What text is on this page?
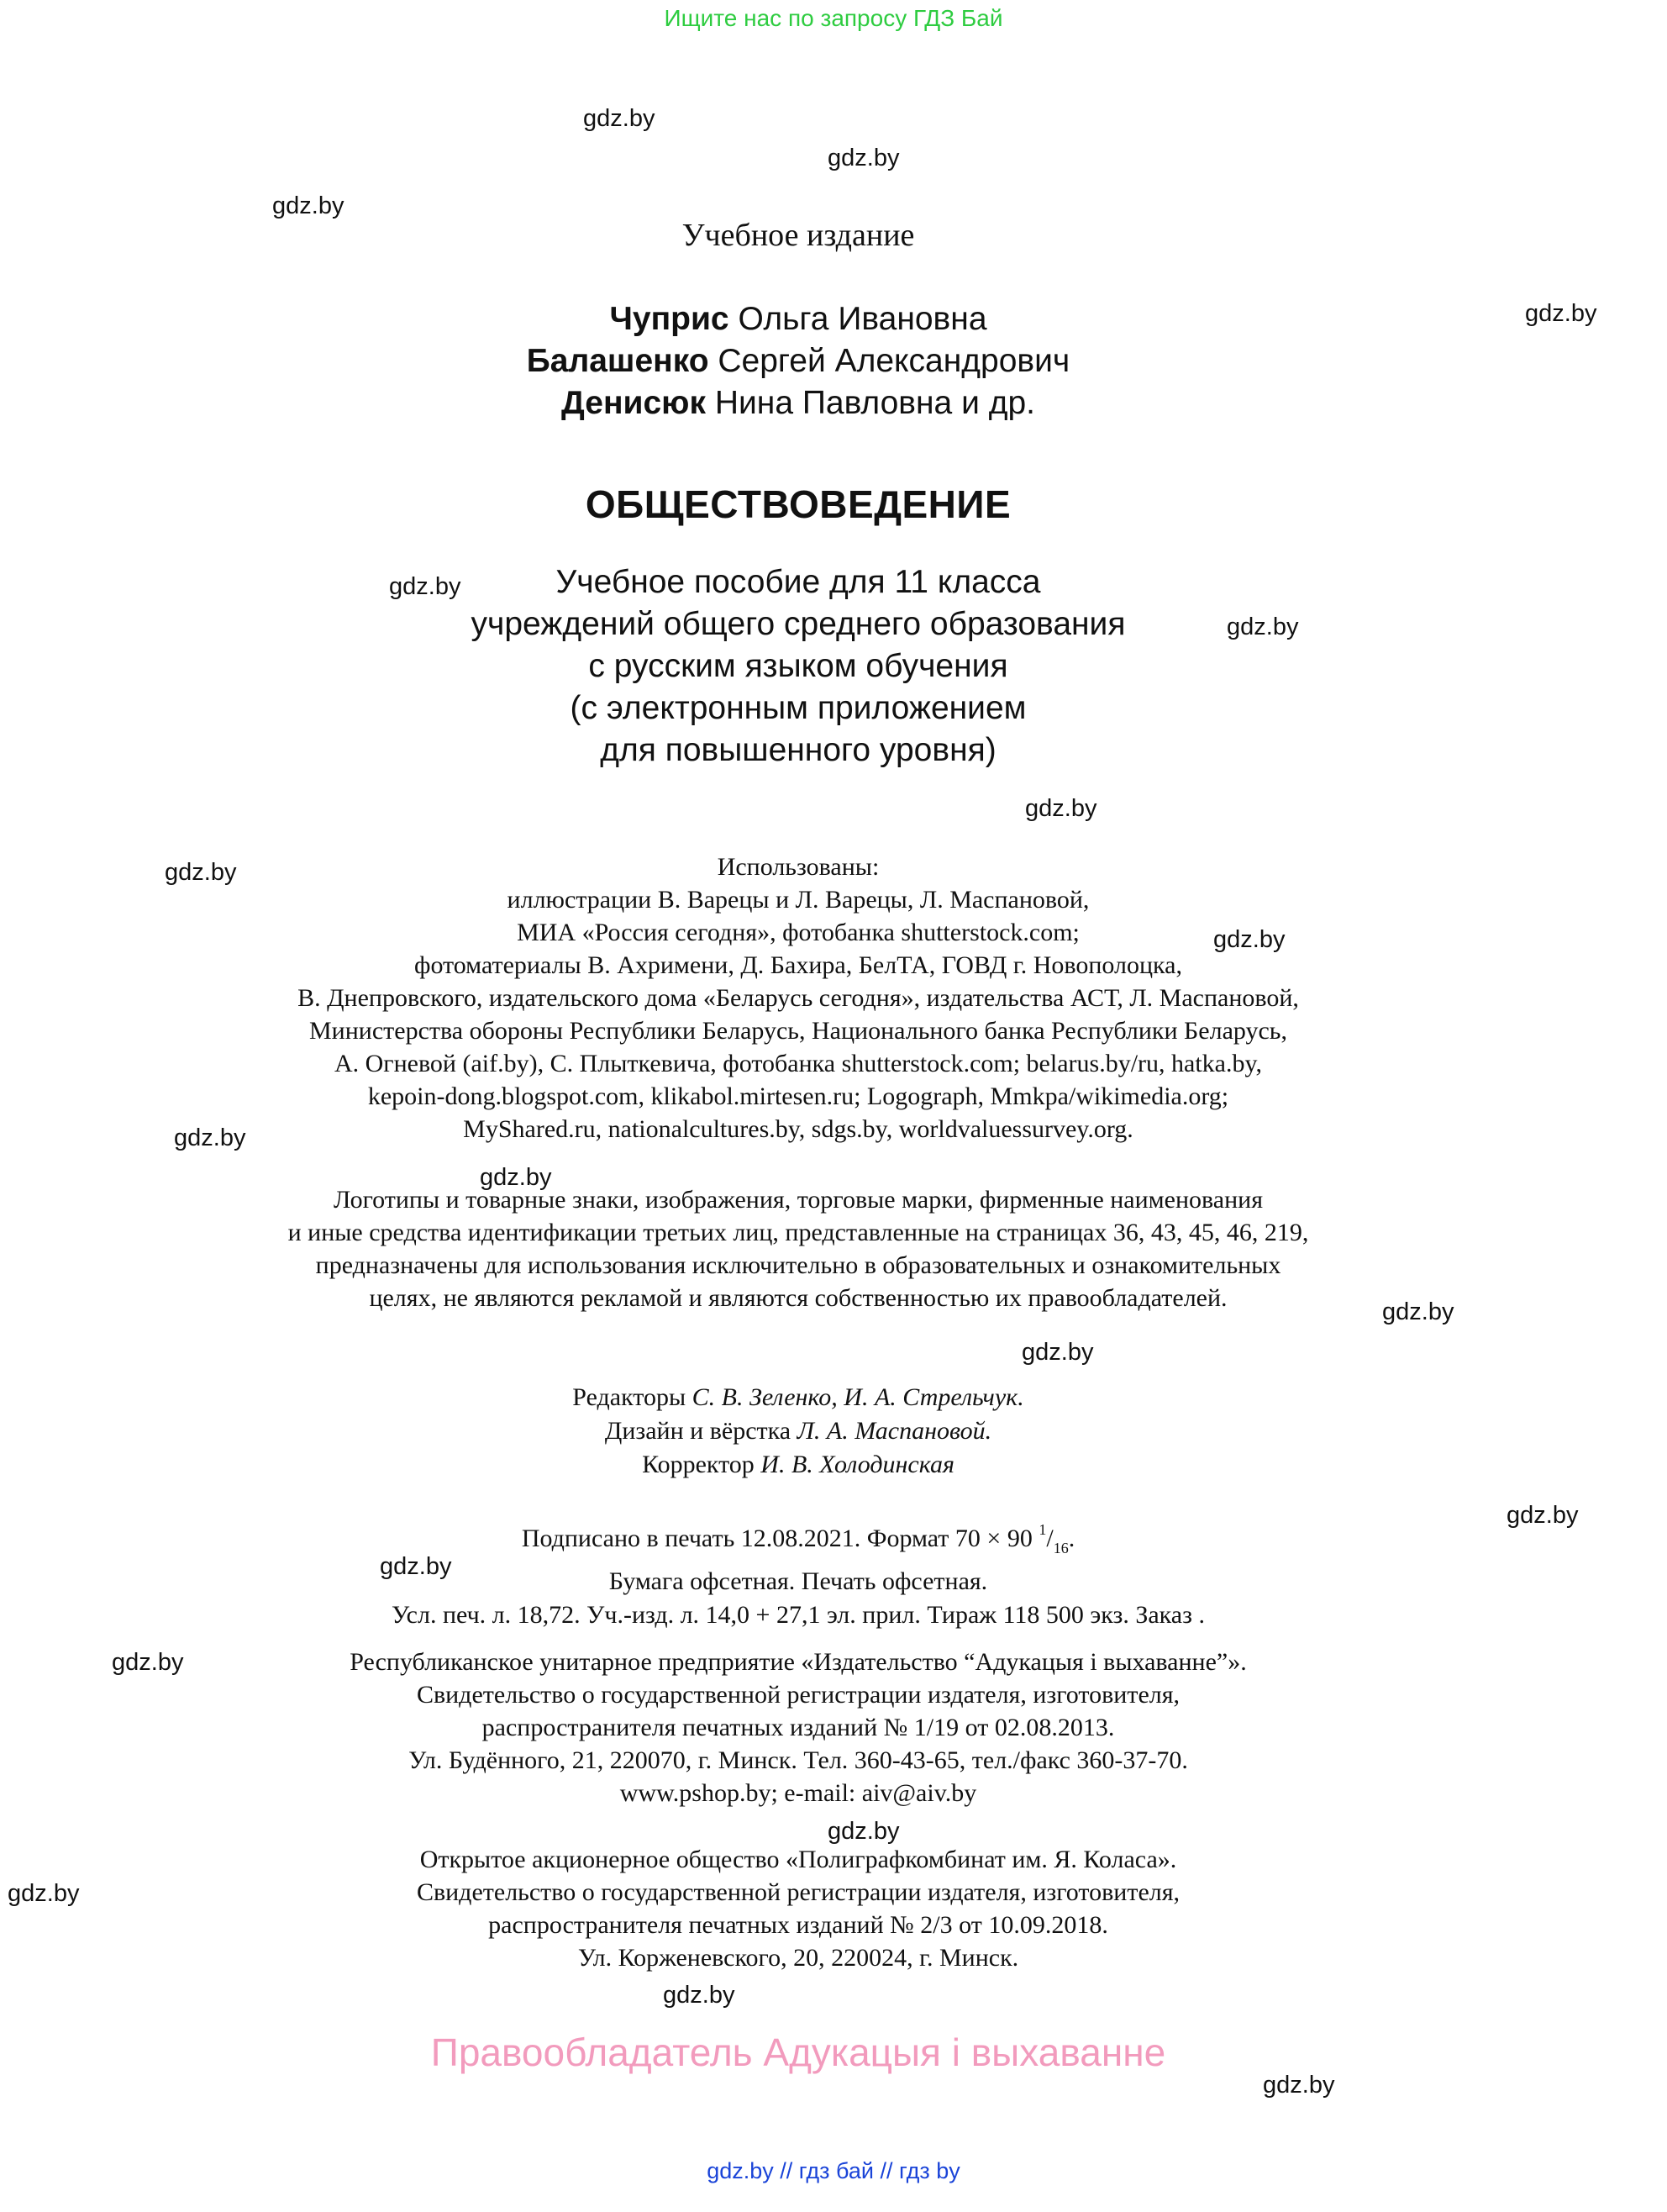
Ищите нас по запросу ГДЗ Бай
gdz.by
gdz.by
gdz.by
gdz.by
gdz.by
gdz.by
gdz.by
gdz.by
gdz.by
gdz.by
gdz.by
gdz.by
gdz.by
gdz.by
gdz.by
gdz.by
gdz.by
gdz.by
gdz.by
gdz.by
Учебное издание
Чуприс Ольга Ивановна
Балашенко Сергей Александрович
Денисюк Нина Павловна и др.
ОБЩЕСТВОВЕДЕНИЕ
Учебное пособие для 11 класса
учреждений общего среднего образования
с русским языком обучения
(с электронным приложением
для повышенного уровня)
Использованы:
иллюстрации В. Варецы и Л. Варецы, Л. Маспановой,
МИА «Россия сегодня», фотобанка shutterstock.com;
фотоматериалы В. Ахримени, Д. Бахира, БелТА, ГОВД г. Новополоцка,
В. Днепровского, издательского дома «Беларусь сегодня», издательства АСТ, Л. Маспановой,
Министерства обороны Республики Беларусь, Национального банка Республики Беларусь,
А. Огневой (aif.by), С. Плыткевича, фотобанка shutterstock.com; belarus.by/ru, hatka.by,
kepoin-dong.blogspot.com, klikabol.mirtesen.ru; Logograph, Mmkpa/wikimedia.org;
MyShared.ru, nationalcultures.by, sdgs.by, worldvaluessurvey.org.
Логотипы и товарные знаки, изображения, торговые марки, фирменные наименования
и иные средства идентификации третьих лиц, представленные на страницах 36, 43, 45, 46, 219,
предназначены для использования исключительно в образовательных и ознакомительных
целях, не являются рекламой и являются собственностью их правообладателей.
Редакторы С. В. Зеленко, И. А. Стрельчук.
Дизайн и вёрстка Л. А. Маспановой.
Корректор И. В. Холодинская
Подписано в печать 12.08.2021. Формат 70 × 90 $^1/_{16}$.
Бумага офсетная. Печать офсетная.
Усл. печ. л. 18,72. Уч.-изд. л. 14,0 + 27,1 эл. прил. Тираж 118 500 экз. Заказ .
Республиканское унитарное предприятие «Издательство “Адукацыя і выхаванне”».
Свидетельство о государственной регистрации издателя, изготовителя,
распространителя печатных изданий № 1/19 от 02.08.2013.
Ул. Будённого, 21, 220070, г. Минск. Тел. 360-43-65, тел./факс 360-37-70.
www.pshop.by; e-mail: aiv@aiv.by
Открытое акционерное общество «Полиграфкомбинат им. Я. Коласа».
Свидетельство о государственной регистрации издателя, изготовителя,
распространителя печатных изданий № 2/3 от 10.09.2018.
Ул. Корженевского, 20, 220024, г. Минск.
Правообладатель Адукацыя і выхаванне
gdz.by // гдз бай // гдз by
